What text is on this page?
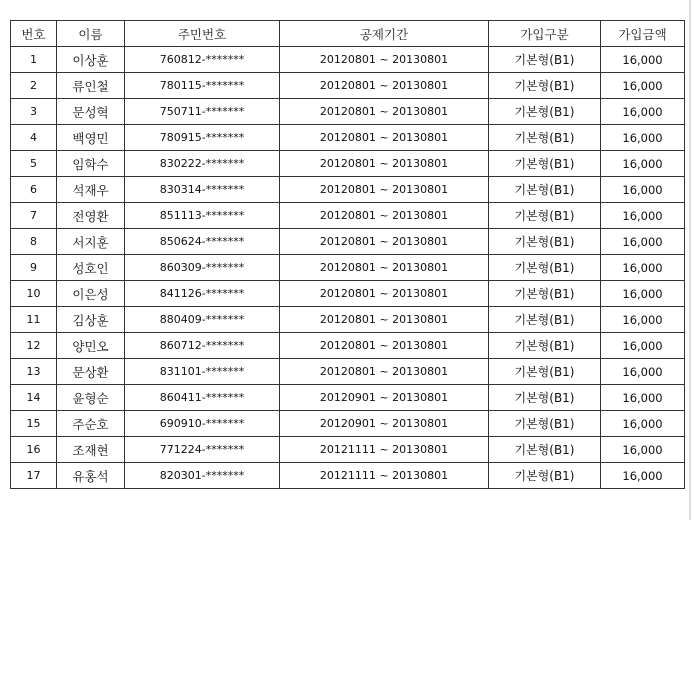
번호	이름	주민번호	공제기간	가입구분	가입금액
1	이상훈	760812-*******	20120801 ~ 20130801	기본형(B1)	16,000
2	류인철	780115-*******	20120801 ~ 20130801	기본형(B1)	16,000
3	문성혁	750711-*******	20120801 ~ 20130801	기본형(B1)	16,000
4	백영민	780915-*******	20120801 ~ 20130801	기본형(B1)	16,000
5	임학수	830222-*******	20120801 ~ 20130801	기본형(B1)	16,000
6	석재우	830314-*******	20120801 ~ 20130801	기본형(B1)	16,000
7	전영환	851113-*******	20120801 ~ 20130801	기본형(B1)	16,000
8	서지훈	850624-*******	20120801 ~ 20130801	기본형(B1)	16,000
9	성호인	860309-*******	20120801 ~ 20130801	기본형(B1)	16,000
10	이은성	841126-*******	20120801 ~ 20130801	기본형(B1)	16,000
11	김상훈	880409-*******	20120801 ~ 20130801	기본형(B1)	16,000
12	양민오	860712-*******	20120801 ~ 20130801	기본형(B1)	16,000
13	문상환	831101-*******	20120801 ~ 20130801	기본형(B1)	16,000
14	윤형순	860411-*******	20120901 ~ 20130801	기본형(B1)	16,000
15	주순호	690910-*******	20120901 ~ 20130801	기본형(B1)	16,000
16	조재현	771224-*******	20121111 ~ 20130801	기본형(B1)	16,000
17	유홍석	820301-*******	20121111 ~ 20130801	기본형(B1)	16,000
